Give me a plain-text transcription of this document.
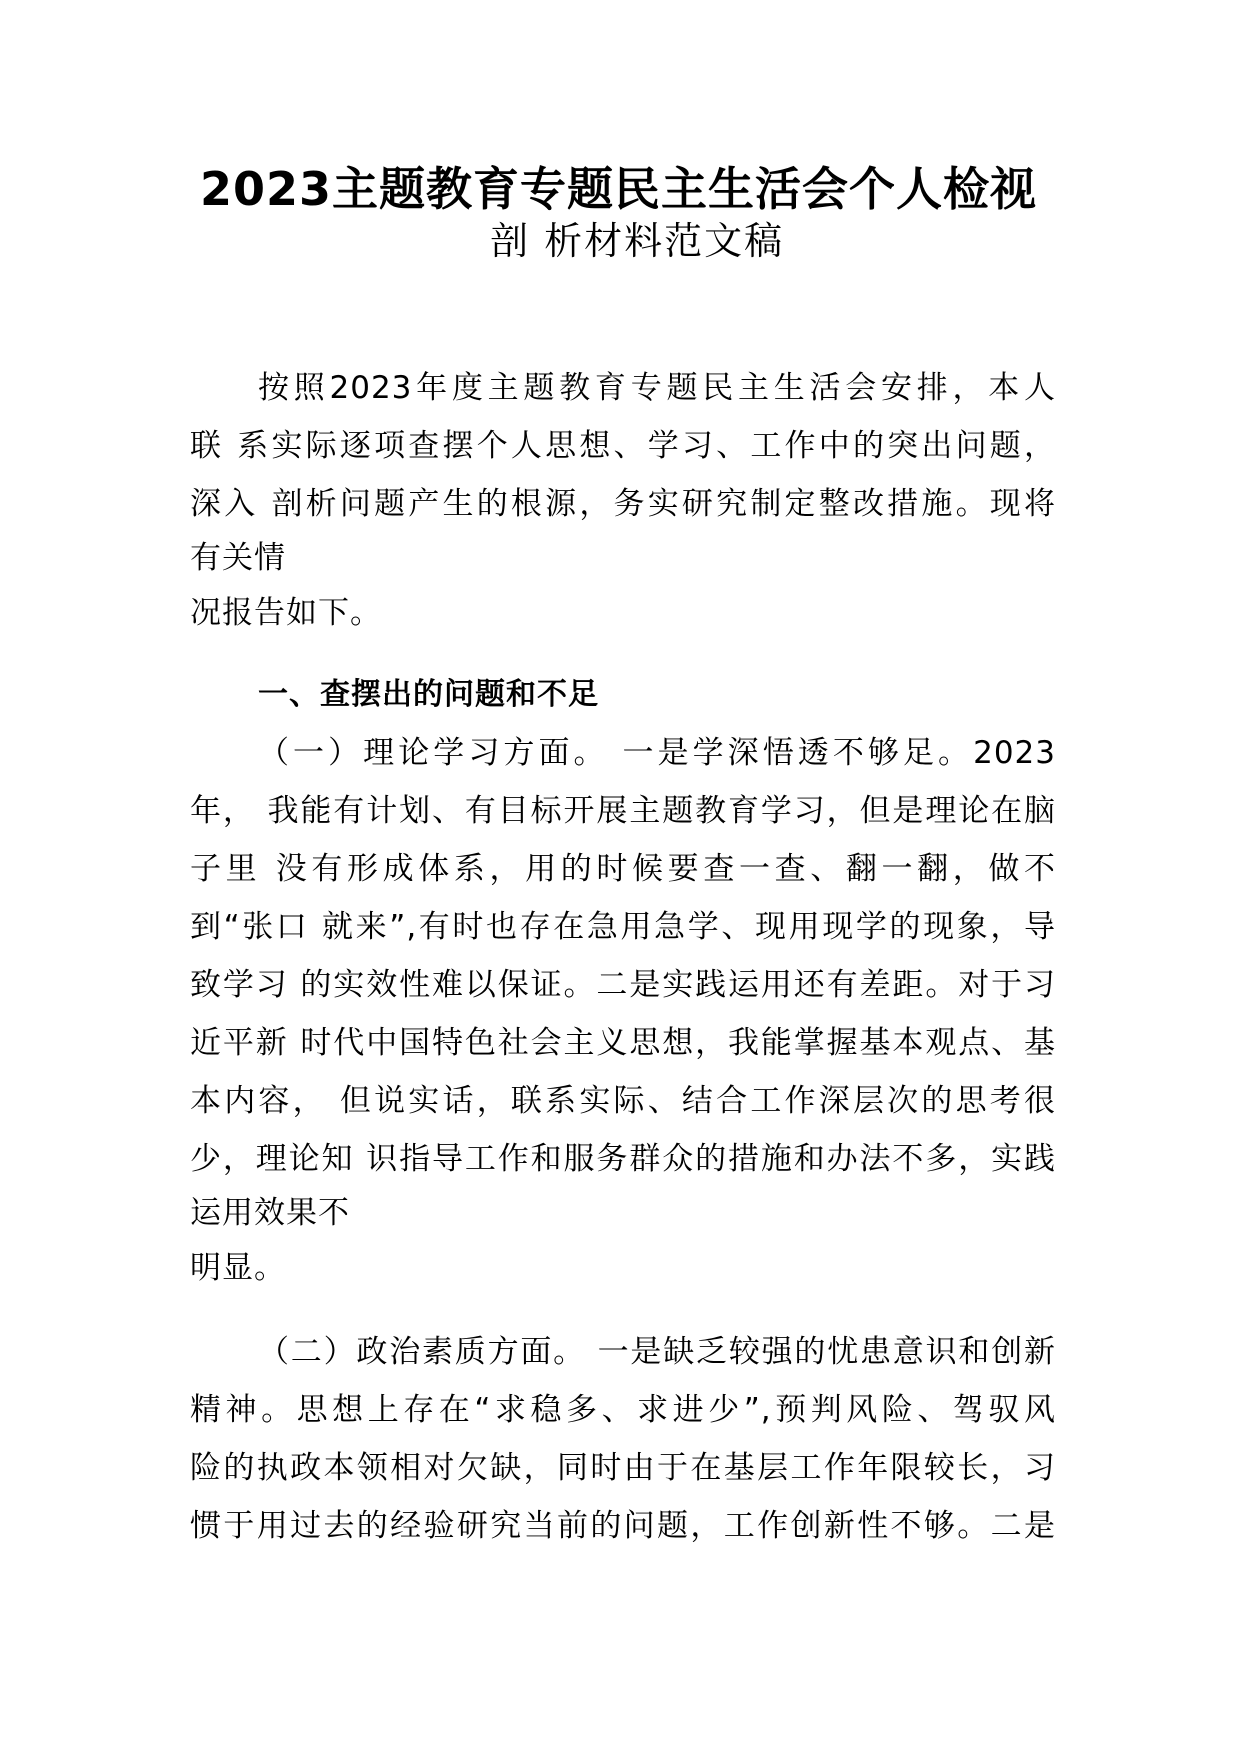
2023主题教育专题民主生活会个人检视
剖 析材料范文稿
按照2023年度主题教育专题民主生活会安排，本人
联 系实际逐项查摆个人思想、学习、工作中的突出问题，
深入 剖析问题产生的根源，务实研究制定整改措施。现将
有关情
况报告如下。
一、查摆出的问题和不足
（一）理论学习方面。 一是学深悟透不够足。2023
年， 我能有计划、有目标开展主题教育学习，但是理论在脑
子里 没有形成体系，用的时候要查一查、翻一翻，做不
到“张口 就来”,有时也存在急用急学、现用现学的现象，导
致学习 的实效性难以保证。二是实践运用还有差距。对于习
近平新 时代中国特色社会主义思想，我能掌握基本观点、基
本内容， 但说实话，联系实际、结合工作深层次的思考很
少，理论知 识指导工作和服务群众的措施和办法不多，实践
运用效果不
明显。
（二）政治素质方面。 一是缺乏较强的忧患意识和创新
精神。思想上存在“求稳多、求进少”,预判风险、驾驭风
险的执政本领相对欠缺，同时由于在基层工作年限较长，习
惯于用过去的经验研究当前的问题，工作创新性不够。二是
